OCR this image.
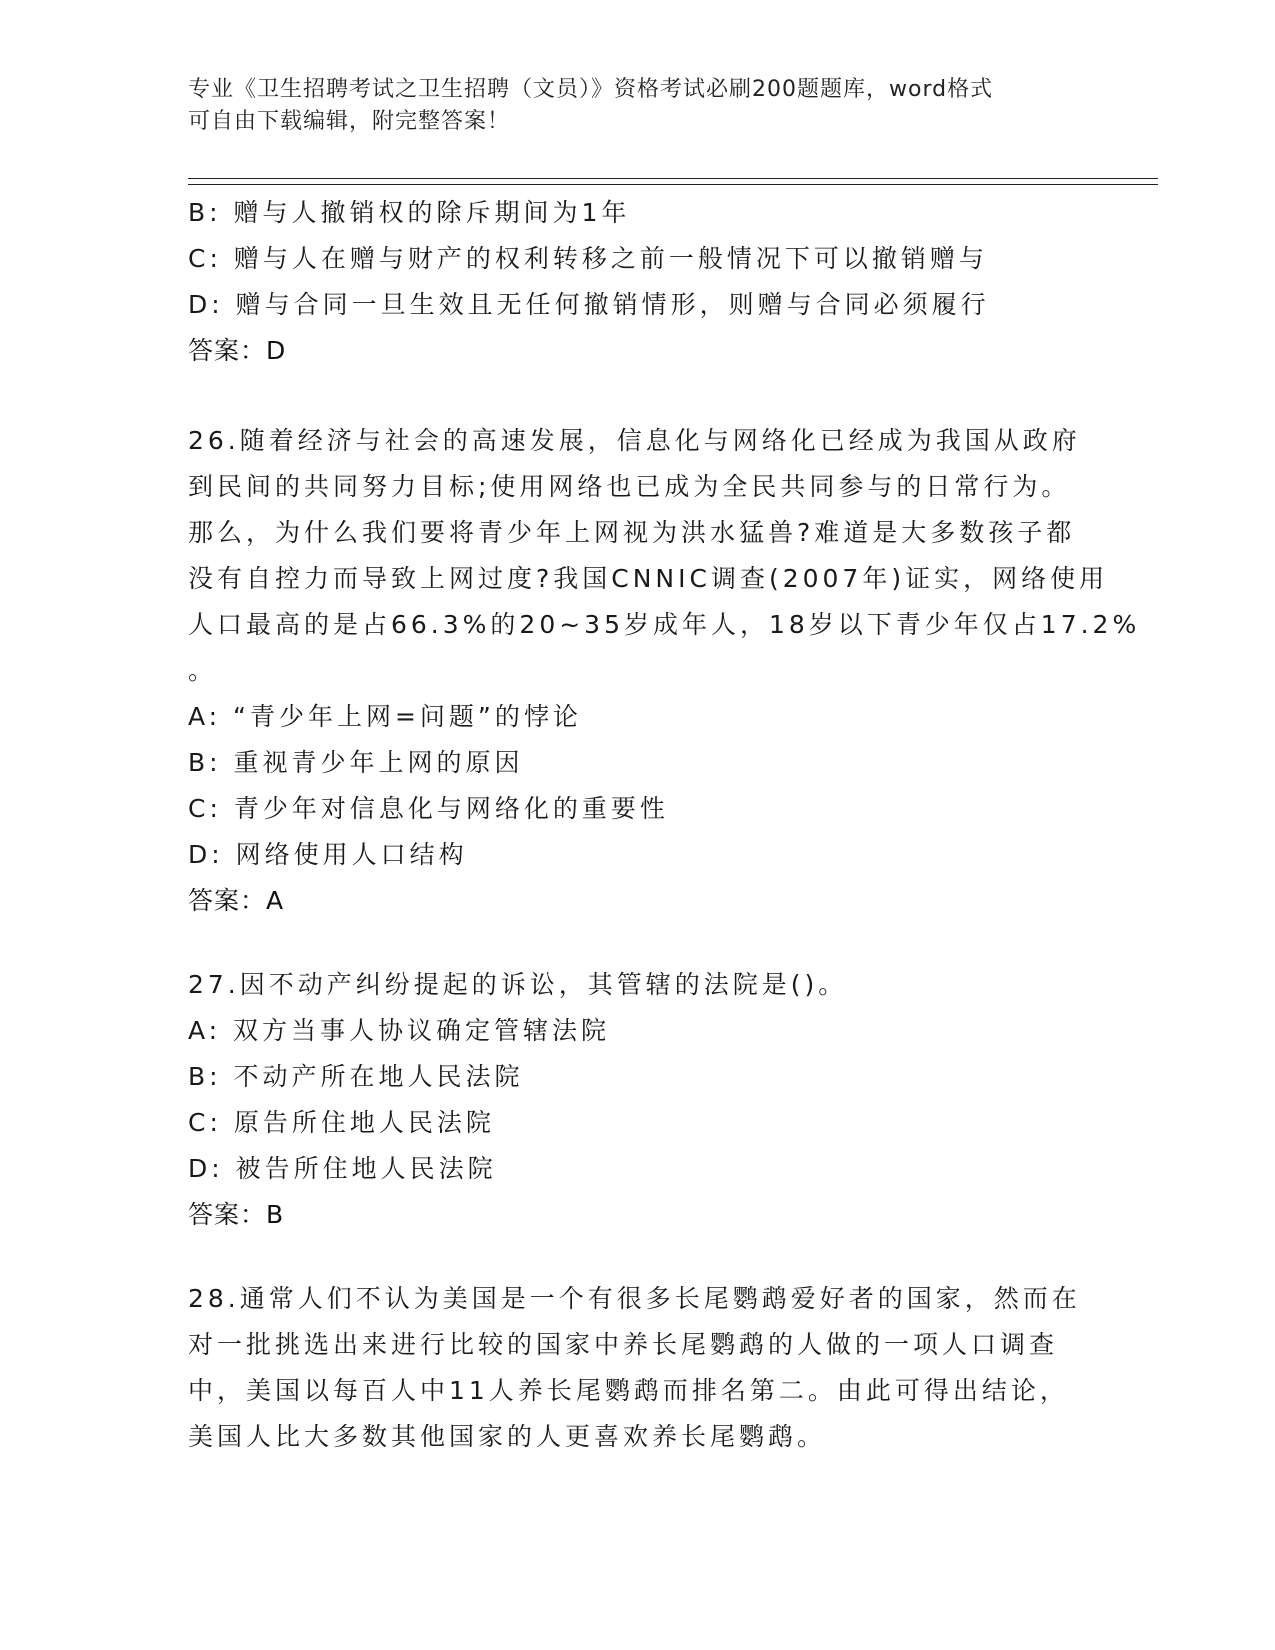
专业《卫生招聘考试之卫生招聘（文员）》资格考试必刷200题题库，word格式
可自由下载编辑，附完整答案！
B: 赠与人撤销权的除斥期间为1年
C: 赠与人在赠与财产的权利转移之前一般情况下可以撤销赠与
D: 赠与合同一旦生效且无任何撤销情形，则赠与合同必须履行
答案：D
26.随着经济与社会的高速发展，信息化与网络化已经成为我国从政府
到民间的共同努力目标;使用网络也已成为全民共同参与的日常行为。
那么，为什么我们要将青少年上网视为洪水猛兽?难道是大多数孩子都
没有自控力而导致上网过度?我国CNNIC调查(2007年)证实，网络使用
人口最高的是占66.3%的20~35岁成年人，18岁以下青少年仅占17.2%
。
A: “青少年上网=问题”的悖论
B: 重视青少年上网的原因
C: 青少年对信息化与网络化的重要性
D: 网络使用人口结构
答案：A
27.因不动产纠纷提起的诉讼，其管辖的法院是()。
A: 双方当事人协议确定管辖法院
B: 不动产所在地人民法院
C: 原告所住地人民法院
D: 被告所住地人民法院
答案：B
28.通常人们不认为美国是一个有很多长尾鹦鹉爱好者的国家，然而在
对一批挑选出来进行比较的国家中养长尾鹦鹉的人做的一项人口调查
中，美国以每百人中11人养长尾鹦鹉而排名第二。由此可得出结论，
美国人比大多数其他国家的人更喜欢养长尾鹦鹉。
